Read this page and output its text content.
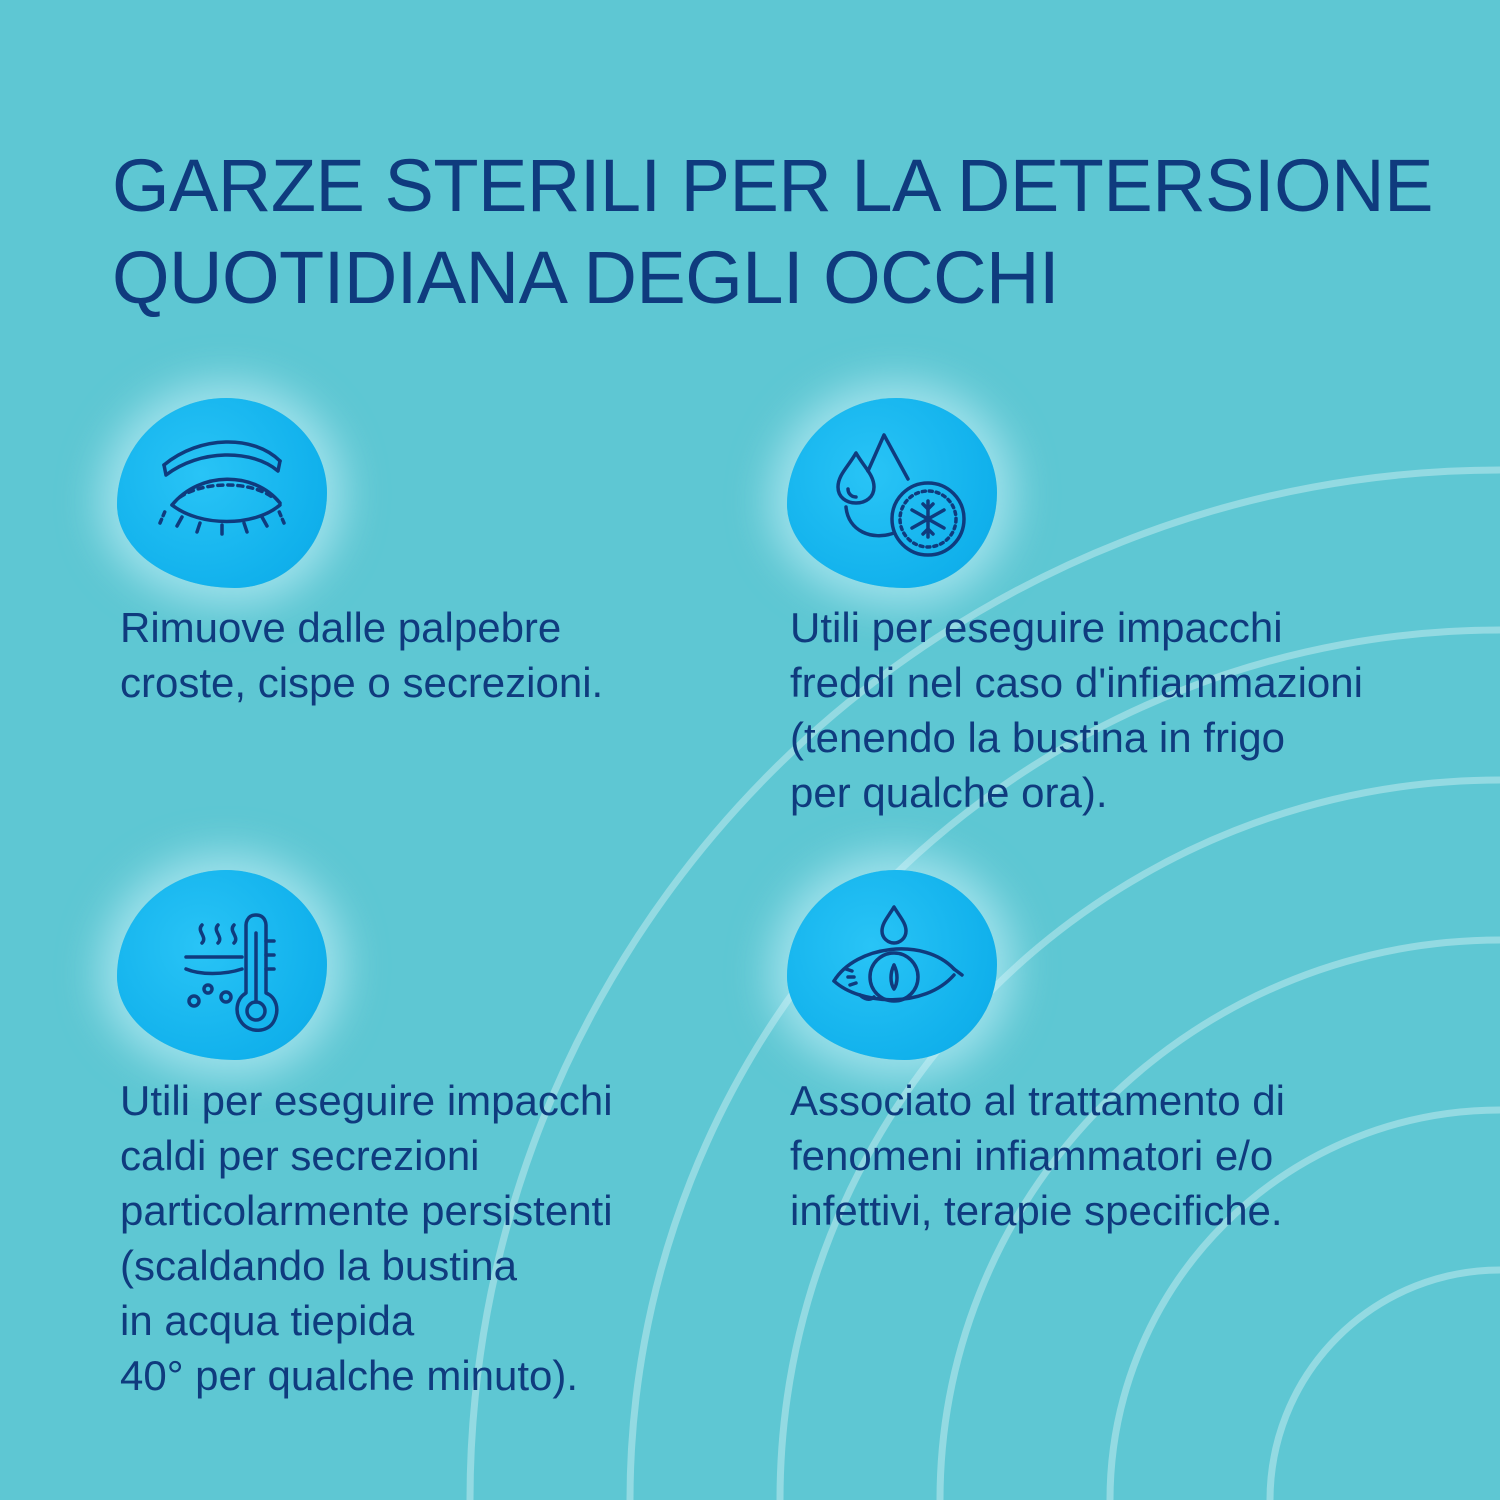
GARZE STERILI PER LA DETERSIONE
QUOTIDIANA DEGLI OCCHI

Rimuove dalle palpebre
croste, cispe o secrezioni.

Utili per eseguire impacchi
freddi nel caso d'infiammazioni
(tenendo la bustina in frigo
per qualche ora).

Utili per eseguire impacchi
caldi per secrezioni
particolarmente persistenti
(scaldando la bustina
in acqua tiepida
40° per qualche minuto).

Associato al trattamento di
fenomeni infiammatori e/o
infettivi, terapie specifiche.
